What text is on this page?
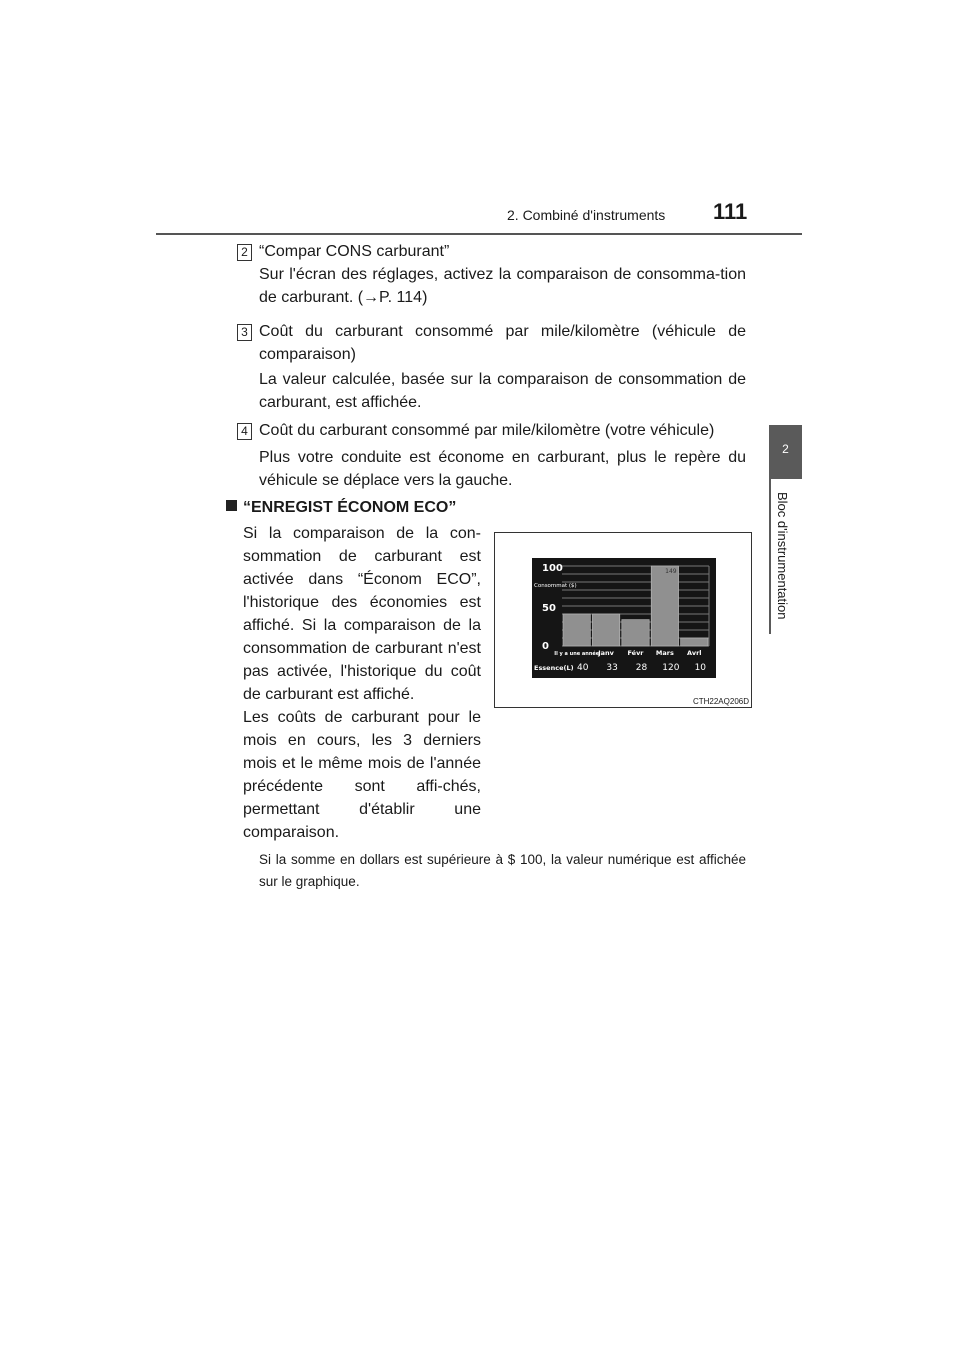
2. Combiné d'instruments 111
2
Bloc d'instrumentation
2 “Compar CONS carburant”
Sur l'écran des réglages, activez la comparaison de consomma-tion de carburant. (→P. 114)
3 Coût du carburant consommé par mile/kilomètre (véhicule de comparaison)
La valeur calculée, basée sur la comparaison de consommation de carburant, est affichée.
4 Coût du carburant consommé par mile/kilomètre (votre véhicule)
Plus votre conduite est économe en carburant, plus le repère du véhicule se déplace vers la gauche.
“ENREGIST ÉCONOM ECO”
Si la comparaison de la con-sommation de carburant est activée dans “Économ ECO”, l'historique des économies est affiché. Si la comparaison de la consommation de carburant n'est pas activée, l'historique du coût de carburant est affiché.
Les coûts de carburant pour le mois en cours, les 3 derniers mois et le même mois de l'année précédente sont affi-chés, permettant d'établir une comparaison.
Si la somme en dollars est supérieure à $ 100, la valeur numérique est affichée sur le graphique.
100
50
0
Consommat ($)
149
Il y a une année Janv Févr Mars Avrl
Essence(L) 40 33 28 120 10
CTH22AQ206D
